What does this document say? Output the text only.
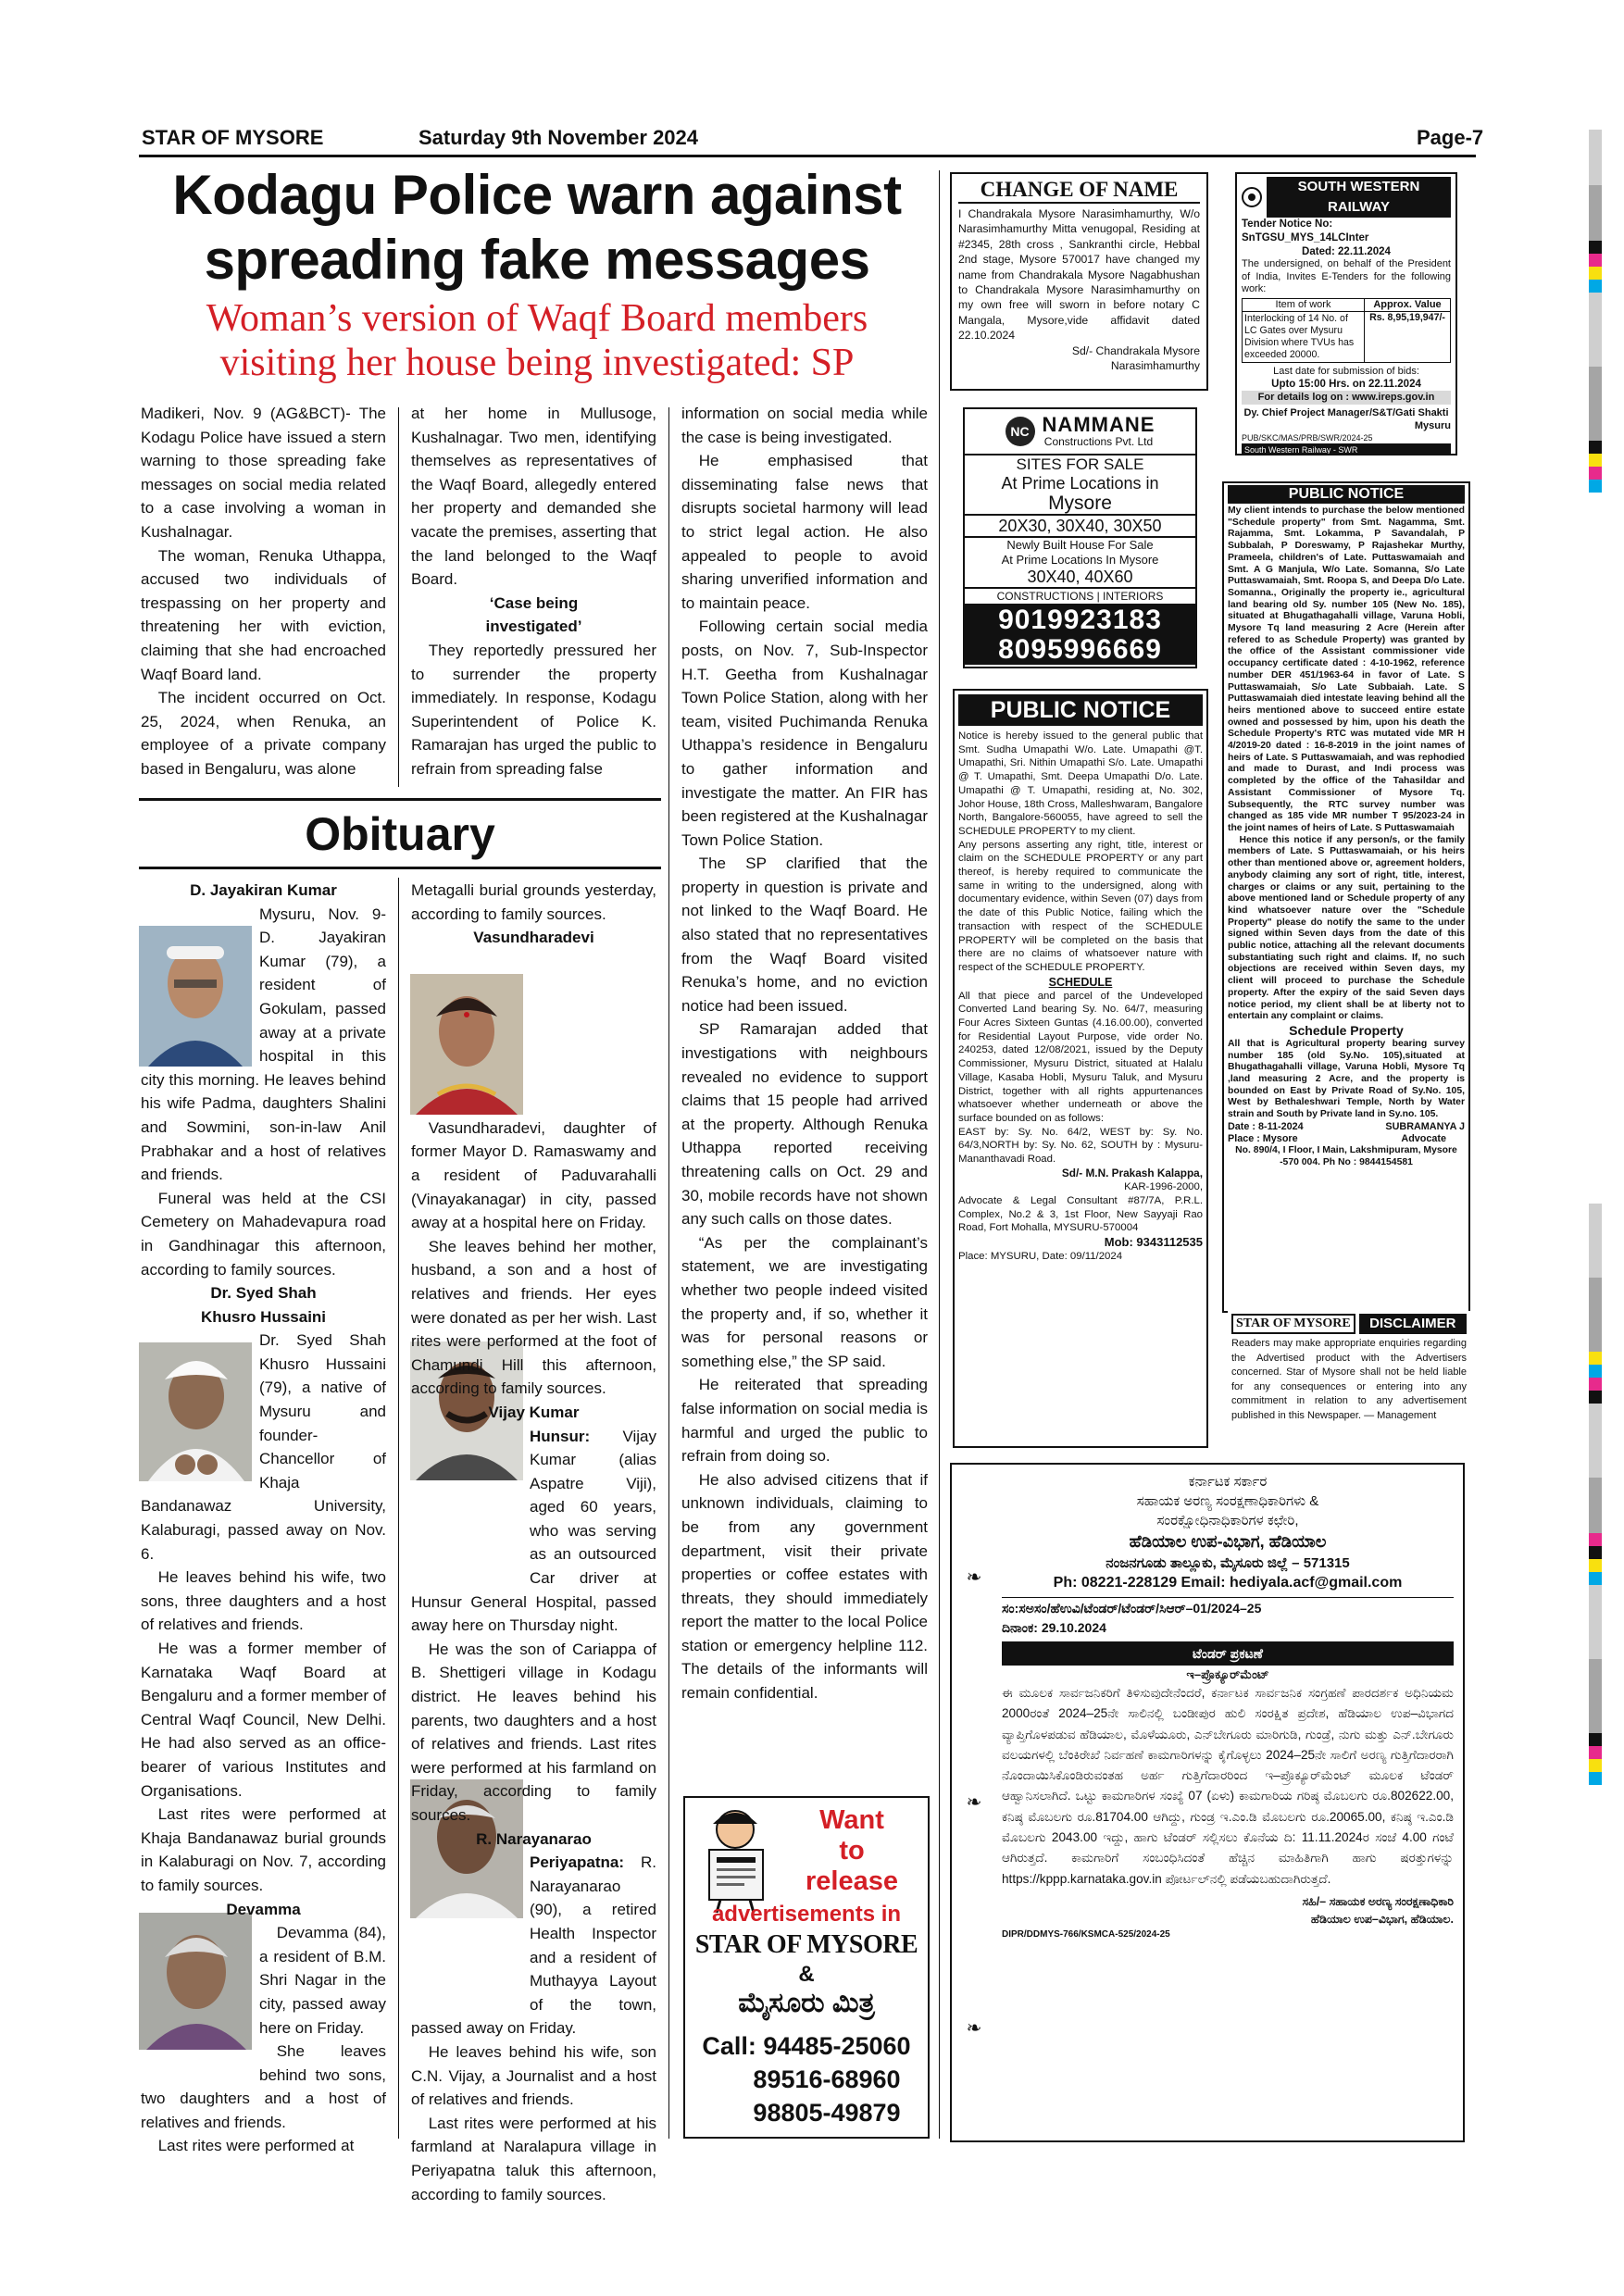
STAR OF MYSORE	Saturday 9th November 2024	Page-7
Kodagu Police warn against
spreading fake messages
Woman’s version of Waqf Board members
visiting her house being investigated: SP

Madikeri, Nov. 9 (AG&BCT)- The Kodagu Police have issued a stern warning to those spreading fake messages on social media related to a case involving a woman in Kushalnagar.

The woman, Renuka Uthappa, accused two individuals of trespassing on her property and threatening her with eviction, claiming that she had encroached Waqf Board land.

The incident occurred on Oct. 25, 2024, when Renuka, an employee of a private company based in Bengaluru, was alone

at her home in Mullusoge, Kushalnagar. Two men, identifying themselves as representatives of the Waqf Board, allegedly entered her property and demanded she vacate the premises, asserting that the land belonged to the Waqf Board.

‘Case being

investigated’

They reportedly pressured her to surrender the property immediately. In response, Kodagu Superintendent of Police K. Ramarajan has urged the public to refrain from spreading false

information on social media while the case is being investigated.

He emphasised that disseminating false news that disrupts societal harmony will lead to strict legal action. He also appealed to people to avoid sharing unverified information and to maintain peace.

Following certain social media posts, on Nov. 7, Sub-Inspector H.T. Geetha from Kushalnagar Town Police Station, along with her team, visited Puchimanda Renuka Uthappa’s residence in Bengaluru to gather information and investigate the matter. An FIR has been registered at the Kushalnagar Town Police Station.

The SP clarified that the property in question is private and not linked to the Waqf Board. He also stated that no representatives from the Waqf Board visited Renuka’s home, and no eviction notice had been issued.

SP Ramarajan added that investigations with neighbours revealed no evidence to support claims that 15 people had arrived at the property. Although Renuka Uthappa reported receiving threatening calls on Oct. 29 and 30, mobile records have not shown any such calls on those dates.

“As per the complainant’s statement, we are investigating whether two people indeed visited the property and, if so, whether it was for personal reasons or something else,” the SP said.

He reiterated that spreading false information on social media is harmful and urged the public to refrain from doing so.

He also advised citizens that if unknown individuals, claiming to be from any government department, visit their private properties or coffee estates with threats, they should immediately report the matter to the local Police station or emergency helpline 112. The details of the informants will remain confidential.

Obituary

D. Jayakiran Kumar

Mysuru, Nov. 9- D. Jayakiran Kumar (79), a resident of Gokulam, passed away at a private hospital in this city this morning. He leaves behind his wife Padma, daughters Shalini and Sowmini, son-in-law Anil Prabhakar and a host of relatives and friends.

Funeral was held at the CSI Cemetery on Mahadevapura road in Gandhinagar this afternoon, according to family sources.

Dr. Syed Shah

Khusro Hussaini

Dr. Syed Shah Khusro Hussaini (79), a native of Mysuru and founder-Chancellor of Khaja Bandanawaz University, Kalaburagi, passed away on Nov. 6.

He leaves behind his wife, two sons, three daughters and a host of relatives and friends.

He was a former member of Karnataka Waqf Board at Bengaluru and a former member of Central Waqf Council, New Delhi. He had also served as an office-bearer of various Institutes and Organisations.

Last rites were performed at Khaja Bandanawaz burial grounds in Kalaburagi on Nov. 7, according to family sources.

Devamma

Devamma (84), a resident of B.M. Shri Nagar in the city, passed away here on Friday.

She leaves behind two sons, two daughters and a host of relatives and friends.

Last rites were performed at

Metagalli burial grounds yesterday, according to family sources.

Vasundharadevi

Vasundharadevi, daughter of former Mayor D. Ramaswamy and a resident of Paduvarahalli (Vinayakanagar) in city, passed away at a hospital here on Friday.

She leaves behind her mother, husband, a son and a host of relatives and friends. Her eyes were donated as per her wish. Last rites were performed at the foot of Chamundi Hill this afternoon, according to family sources.

Vijay Kumar

Hunsur: Vijay Kumar (alias Aspatre Viji), aged 60 years, who was serving as an outsourced Car driver at Hunsur General Hospital, passed away here on Thursday night.

He was the son of Cariappa of B. Shettigeri village in Kodagu district. He leaves behind his parents, two daughters and a host of relatives and friends. Last rites were performed at his farmland on Friday, according to family sources.

R. Narayanarao

Periyapatna: R. Narayanarao (90), a retired Health Inspector and a resident of Muthayya Layout of the town, passed away on Friday.

He leaves behind his wife, son C.N. Vijay, a Journalist and a host of relatives and friends.

Last rites were performed at his farmland at Naralapura village in Periyapatna taluk this afternoon, according to family sources.

CHANGE OF NAME
I Chandrakala Mysore Narasimhamurthy, W/o Narasimhamurthy Mitta venugopal, Residing at #2345, 28th cross , Sankranthi circle, Hebbal 2nd stage, Mysore 570017 have changed my name from Chandrakala Mysore Nagabhushan to Chandrakala Mysore Narasimhamurthy on my own free will sworn in before notary C Mangala, Mysore,vide affidavit dated 22.10.2024
Sd/- Chandrakala Mysore
Narasimhamurthy
NC NAMMANE
Constructions Pvt. Ltd
SITES FOR SALE
At Prime Locations in
Mysore
20X30, 30X40, 30X50
Newly Built House For Sale
At Prime Locations In Mysore
30X40, 40X60
CONSTRUCTIONS | INTERIORS
9019923183
8095996669
PUBLIC NOTICE
Notice is hereby issued to the general public that Smt. Sudha Umapathi W/o. Late. Umapathi @T. Umapathi, Sri. Nithin Umapathi S/o. Late. Umapathi @ T. Umapathi, Smt. Deepa Umapathi D/o. Late. Umapathi @ T. Umapathi, residing at, No. 302, Johor House, 18th Cross, Malleshwaram, Bangalore North, Bangalore-560055, have agreed to sell the SCHEDULE PROPERTY to my client.
Any persons asserting any right, title, interest or claim on the SCHEDULE PROPERTY or any part thereof, is hereby required to communicate the same in writing to the undersigned, along with documentary evidence, within Seven (07) days from the date of this Public Notice, failing which the transaction with respect of the SCHEDULE PROPERTY will be completed on the basis that there are no claims of whatsoever nature with respect of the SCHEDULE PROPERTY.
SCHEDULE
All that piece and parcel of the Undeveloped Converted Land bearing Sy. No. 64/7, measuring Four Acres Sixteen Guntas (4.16.00.00), converted for Residential Layout Purpose, vide order No. 240253, dated 12/08/2021, issued by the Deputy Commissioner, Mysuru District, situated at Halalu Village, Kasaba Hobli, Mysuru Taluk, and Mysuru District, together with all rights appurtenances whatsoever whether underneath or above the surface bounded on as follows:
EAST by: Sy. No. 64/2, WEST by: Sy. No. 64/3,NORTH by: Sy. No. 62, SOUTH by : Mysuru-Mananthavadi Road.
Sd/- M.N. Prakash Kalappa,
KAR-1996-2000,
Advocate & Legal Consultant #87/7A, P.R.L. Complex, No.2 & 3, 1st Floor, New Sayyaji Rao Road, Fort Mohalla, MYSURU-570004
Mob: 9343112535
Place: MYSURU, Date: 09/11/2024
SOUTH WESTERN RAILWAY
Tender Notice No: SnTGSU_MYS_14LCInter
Dated: 22.11.2024
The undersigned, on behalf of the President of India, Invites E-Tenders for the following work:
Item of work	Approx. Value
Interlocking of 14 No. of LC Gates over Mysuru Division where TVUs has exceeded 20000.
Rs. 8,95,19,947/-
Last date for submission of bids:
Upto 15:00 Hrs. on 22.11.2024
For details log on : www.ireps.gov.in
Dy. Chief Project Manager/S&T/Gati Shakti
Mysuru
PUB/SKC/MAS/PRB/SWR/2024-25
South Western Railway - SWR
PUBLIC NOTICE
My client intends to purchase the below mentioned "Schedule property" from Smt. Nagamma, Smt. Rajamma, Smt. Lokamma, P Savandalah, P Subbalah, P Doreswamy, P Rajashekar Murthy, Prameela, children's of Late. Puttaswamaiah and Smt. A G Manjula, W/o Late. Somanna, S/o Late Puttaswamaiah, Smt. Roopa S, and Deepa D/o Late. Somanna., Originally the property ie., agricultural land bearing old Sy. number 105 (New No. 185), situated at Bhugathagahalli village, Varuna Hobli, Mysore Tq land measuring 2 Acre (Herein after refered to as Schedule Property) was granted by the office of the Assistant commissioner vide occupancy certificate dated : 4-10-1962, reference number DER 451/1963-64 in favor of Late. S Puttaswamaiah, S/o Late Subbaiah. Late. S Puttaswamaiah died intestate leaving behind all the heirs mentioned above to succeed entire estate owned and possessed by him, upon his death the Schedule Property's RTC was mutated vide MR H 4/2019-20 dated : 16-8-2019 in the joint names of heirs of Late. S Puttaswamaiah, and was rephodied and made to Durast, and Indi process was completed by the office of the Tahasildar and Assistant Commissioner of Mysore Tq. Subsequently, the RTC survey number was changed as 185 vide MR number T 95/2023-24 in the joint names of heirs of Late. S Puttaswamaiah
Hence this notice if any person/s, or the family members of Late. S Puttaswamaiah, or his heirs other than mentioned above or, agreement holders, anybody claiming any sort of right, title, interest, charges or claims or any suit, pertaining to the above mentioned land or Schedule property of any kind whatsoever nature over the "Schedule Property" please do notify the same to the under signed within Seven days from the date of this public notice, attaching all the relevant documents substantiating such right and claims. If, no such objections are received within Seven days, my client will proceed to purchase the Schedule property. After the expiry of the said Seven days notice period, my client shall be at liberty not to entertain any complaint or claims.
Schedule Property
All that is Agricultural property bearing survey number 185 (old Sy.No. 105),situated at Bhugathagahalli village, Varuna Hobli, Mysore Tq ,land measuring 2 Acre, and the property is bounded on East by Private Road of Sy.No. 105, West by Bethaleshwari Temple, North by Water strain and South by Private land in Sy.no. 105.
Date : 8-11-2024	SUBRAMANYA J
Place : Mysore	Advocate
No. 890/4, I Floor, I Main, Lakshmipuram, Mysore -570 004. Ph No : 9844154581
STAR OF MYSORE	DISCLAIMER
Readers may make appropriate enquiries regarding the Advertised product with the Advertisers concerned. Star of Mysore shall not be held liable for any consequences or entering into any commitment in relation to any advertisement published in this Newspaper. — Management
Want
to
release
advertisements in
STAR OF MYSORE
&
ಮೈಸೂರು ಮಿತ್ರ
Call: 94485-25060
89516-68960
98805-49879
❧
❧
❧
ಕರ್ನಾಟಕ ಸರ್ಕಾರ
ಸಹಾಯಕ ಅರಣ್ಯ ಸಂರಕ್ಷಣಾಧಿಕಾರಿಗಳು &
ಸಂರಕ್ಷೋಧಿನಾಧಿಕಾರಿಗಳ ಕಛೇರಿ,
ಹೆಡಿಯಾಲ ಉಪ-ವಿಭಾಗ, ಹೆಡಿಯಾಲ
ನಂಜನಗೂಡು ತಾಲ್ಲೂಕು, ಮೈಸೂರು ಜಿಲ್ಲೆ – 571315
Ph: 08221-228129 Email: hediyala.acf@gmail.com
ಸಂ:ಸಅಸಂ/ಹೆಉವಿ/ಟೆಂಡರ್/ಟೆಂಡರ್/ಸಿಆರ್–01/2024–25
ದಿನಾಂಕ: 29.10.2024
ಟೆಂಡರ್ ಪ್ರಕಟಣೆ
ಇ–ಪ್ರೊಕ್ಯೂರ್‌ಮೆಂಟ್
ಈ ಮೂಲಕ ಸಾರ್ವಜನಿಕರಿಗೆ ತಿಳಿಸುವುದೇನೆಂದರೆ, ಕರ್ನಾಟಕ ಸಾರ್ವಜನಿಕ ಸಂಗ್ರಹಣೆ ಪಾರದರ್ಶಕ ಅಧಿನಿಯಮ 2000ರಂತೆ 2024–25ನೇ ಸಾಲಿನಲ್ಲಿ ಬಂಡೀಪುರ ಹುಲಿ ಸಂರಕ್ಷಿತ ಪ್ರದೇಶ, ಹೆಡಿಯಾಲ ಉಪ–ವಿಭಾಗದ ವ್ಯಾಪ್ತಿಗೊಳಪಡುವ ಹೆಡಿಯಾಲ, ಮೊಳೆಯೂರು, ಎನ್‌ಬೇಗೂರು ಮಾರಿಗುಡಿ, ಗುಂಡ್ರೆ, ನುಗು ಮತ್ತು ಎನ್.ಬೇಗೂರು ವಲಯಗಳಲ್ಲಿ ಬೆಂಕಿರೇಖೆ ನಿರ್ವಹಣೆ ಕಾಮಗಾರಿಗಳನ್ನು ಕೈಗೊಳ್ಳಲು 2024–25ನೇ ಸಾಲಿಗೆ ಅರಣ್ಯ ಗುತ್ತಿಗೆದಾರರಾಗಿ ನೊಂದಾಯಿಸಿಕೊಂಡಿರುವಂತಹ ಅರ್ಹ ಗುತ್ತಿಗೆದಾರರಿಂದ ಇ–ಪ್ರೊಕ್ಯೂರ್‌ಮೆಂಟ್ ಮೂಲಕ ಟೆಂಡರ್ ಆಹ್ವಾನಿಸಲಾಗಿದೆ. ಒಟ್ಟು ಕಾಮಗಾರಿಗಳ ಸಂಖ್ಯೆ 07 (ಏಳು) ಕಾಮಗಾರಿಯ ಗರಿಷ್ಠ ಮೊಬಲಗು ರೂ.802622.00, ಕನಿಷ್ಠ ಮೊಬಲಗು ರೂ.81704.00 ಆಗಿದ್ದು, ಗುಂಡ್ರ ಇ.ಎಂ.ಡಿ ಮೊಬಲಗು ರೂ.20065.00, ಕನಿಷ್ಠ ಇ.ಎಂ.ಡಿ ಮೊಬಲಗು 2043.00 ಇದ್ದು, ಹಾಗು ಟೆಂಡರ್ ಸಲ್ಲಿಸಲು ಕೊನೆಯ ದಿ: 11.11.2024ರ ಸಂಜೆ 4.00 ಗಂಟೆ ಆಗಿರುತ್ತದೆ. ಕಾಮಗಾರಿಗೆ ಸಂಬಂಧಿಸಿದಂತೆ ಹೆಚ್ಚಿನ ಮಾಹಿತಿಗಾಗಿ ಹಾಗು ಷರತ್ತುಗಳನ್ನು https://kppp.karnataka.gov.in ಪೋರ್ಟಲ್‌ನಲ್ಲಿ ಪಡೆಯಬಹುದಾಗಿರುತ್ತದೆ.
ಸಹಿ/– ಸಹಾಯಕ ಅರಣ್ಯ ಸಂರಕ್ಷಣಾಧಿಕಾರಿ
ಹೆಡಿಯಾಲ ಉಪ–ವಿಭಾಗ, ಹೆಡಿಯಾಲ.
DIPR/DDMYS-766/KSMCA-525/2024-25
